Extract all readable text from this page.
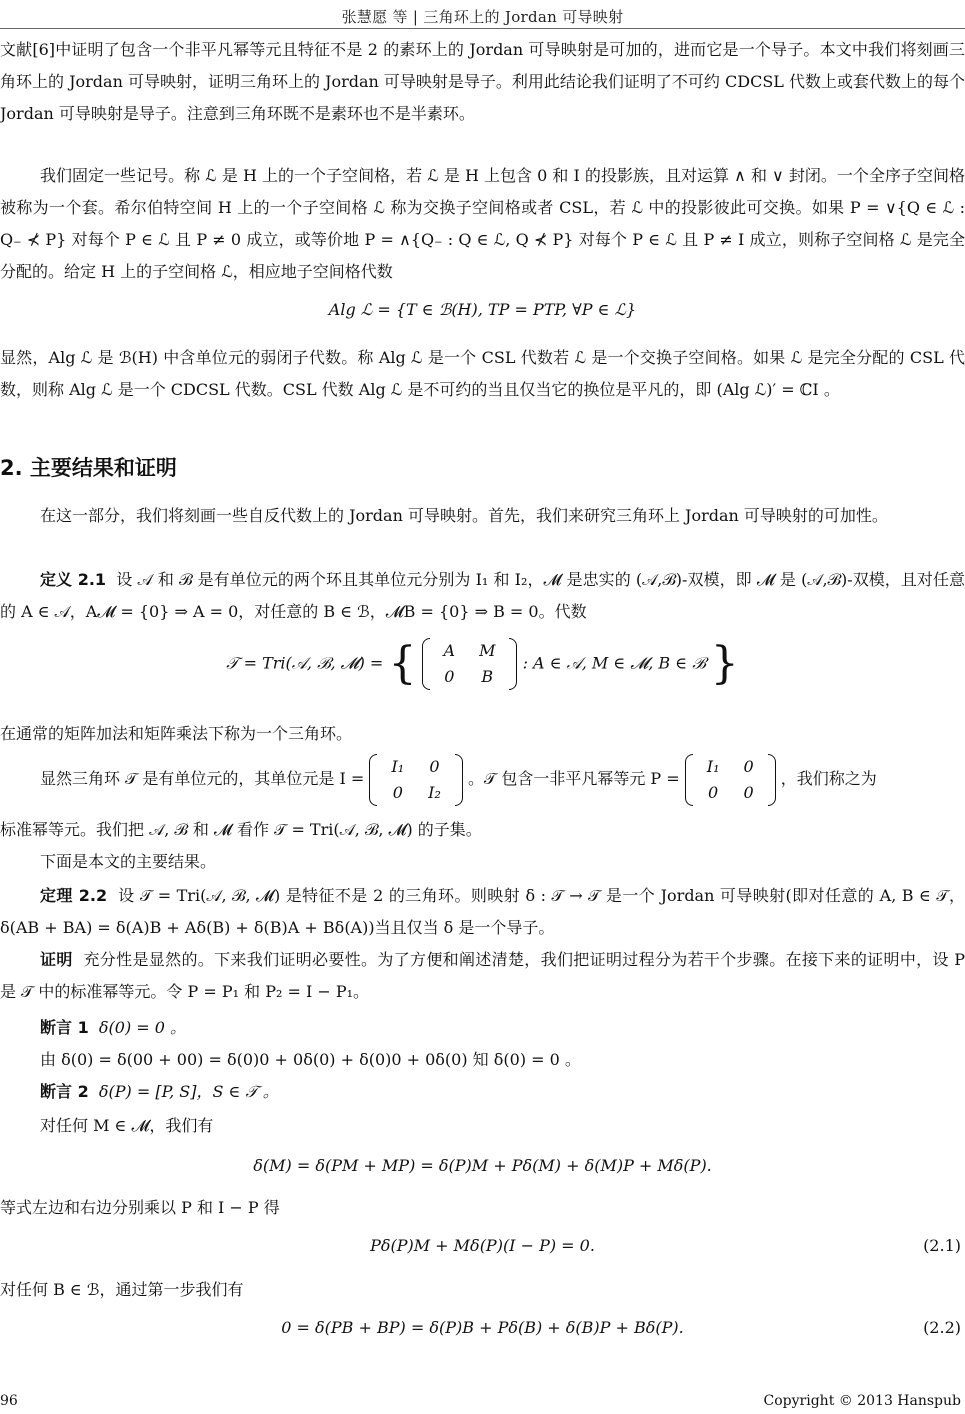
张慧愿 等 | 三角环上的 Jordan 可导映射

文献[6]中证明了包含一个非平凡幂等元且特征不是 2 的素环上的 Jordan 可导映射是可加的，进而它是一个导子。本文中我们将刻画三角环上的 Jordan 可导映射，证明三角环上的 Jordan 可导映射是导子。利用此结论我们证明了不可约 CDCSL 代数上或套代数上的每个 Jordan 可导映射是导子。注意到三角环既不是素环也不是半素环。

我们固定一些记号。称 ℒ 是 H 上的一个子空间格，若 ℒ 是 H 上包含 0 和 I 的投影族，且对运算 ∧ 和 ∨ 封闭。一个全序子空间格被称为一个套。希尔伯特空间 H 上的一个子空间格 ℒ 称为交换子空间格或者 CSL，若 ℒ 中的投影彼此可交换。如果 P = ∨{Q ∈ ℒ : Q₋ ⊀ P} 对每个 P ∈ ℒ 且 P ≠ 0 成立，或等价地 P = ∧{Q₋ : Q ∈ ℒ, Q ⊀ P} 对每个 P ∈ ℒ 且 P ≠ I 成立，则称子空间格 ℒ 是完全分配的。给定 H 上的子空间格 ℒ，相应地子空间格代数

Alg ℒ = {T ∈ ℬ(H), TP = PTP, ∀P ∈ ℒ}

显然，Alg ℒ 是 ℬ(H) 中含单位元的弱闭子代数。称 Alg ℒ 是一个 CSL 代数若 ℒ 是一个交换子空间格。如果 ℒ 是完全分配的 CSL 代数，则称 Alg ℒ 是一个 CDCSL 代数。CSL 代数 Alg ℒ 是不可约的当且仅当它的换位是平凡的，即 (Alg ℒ)′ = ℂI 。

2. 主要结果和证明

在这一部分，我们将刻画一些自反代数上的 Jordan 可导映射。首先，我们来研究三角环上 Jordan 可导映射的可加性。

定义 2.1 设 𝒜 和 ℬ 是有单位元的两个环且其单位元分别为 I₁ 和 I₂，𝓜 是忠实的 (𝒜,ℬ)-双模，即 𝓜 是 (𝒜,ℬ)-双模，且对任意的 A ∈ 𝒜，A𝓜 = {0} ⇒ A = 0，对任意的 B ∈ ℬ，𝓜B = {0} ⇒ B = 0。代数

𝒯 = Tri(𝒜, ℬ, 𝓜) = { A	M
0	B
: A ∈ 𝒜, M ∈ 𝓜, B ∈ ℬ }

在通常的矩阵加法和矩阵乘法下称为一个三角环。

显然三角环 𝒯 是有单位元的，其单位元是 I =
I₁	0
0	I₂
。𝒯 包含一非平凡幂等元 P =
I₁	0
0	0
，我们称之为

标准幂等元。我们把 𝒜, ℬ 和 𝓜 看作 𝒯 = Tri(𝒜, ℬ, 𝓜) 的子集。

下面是本文的主要结果。

定理 2.2 设 𝒯 = Tri(𝒜, ℬ, 𝓜) 是特征不是 2 的三角环。则映射 δ : 𝒯 → 𝒯 是一个 Jordan 可导映射(即对任意的 A, B ∈ 𝒯，δ(AB + BA) = δ(A)B + Aδ(B) + δ(B)A + Bδ(A))当且仅当 δ 是一个导子。

证明 充分性是显然的。下来我们证明必要性。为了方便和阐述清楚，我们把证明过程分为若干个步骤。在接下来的证明中，设 P 是 𝒯 中的标准幂等元。令 P = P₁ 和 P₂ = I − P₁。

断言 1 δ(0) = 0 。

由 δ(0) = δ(00 + 00) = δ(0)0 + 0δ(0) + δ(0)0 + 0δ(0) 知 δ(0) = 0 。

断言 2 δ(P) = [P, S]，S ∈ 𝒯 。

对任何 M ∈ 𝓜，我们有

δ(M) = δ(PM + MP) = δ(P)M + Pδ(M) + δ(M)P + Mδ(P).

等式左边和右边分别乘以 P 和 I − P 得

Pδ(P)M + Mδ(P)(I − P) = 0.	(2.1)

对任何 B ∈ ℬ，通过第一步我们有

0 = δ(PB + BP) = δ(P)B + Pδ(B) + δ(B)P + Bδ(P).	(2.2)
96	Copyright © 2013 Hanspub
